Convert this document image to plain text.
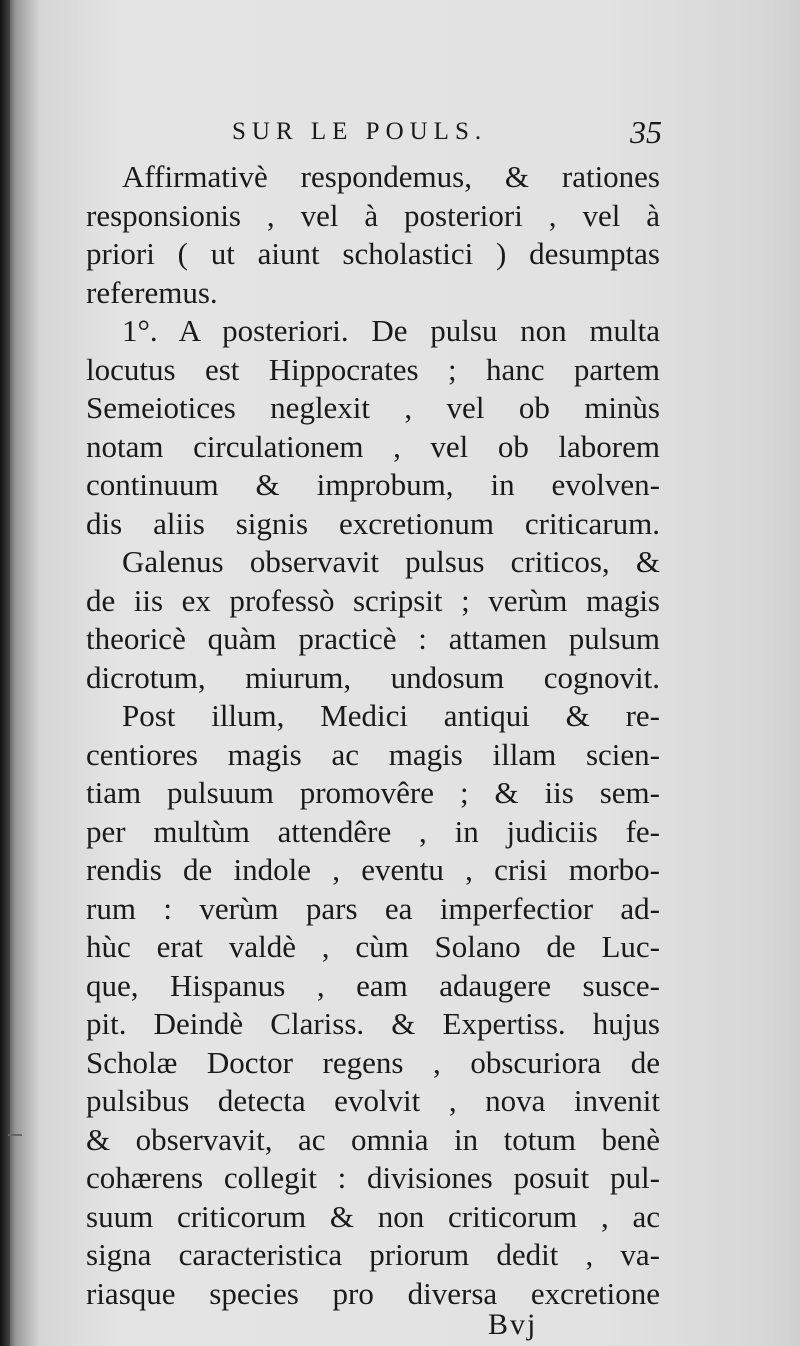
SUR LE POULS.	35
Affirmativè respondemus, & rationes
responsionis , vel à posteriori , vel à
priori ( ut aiunt scholastici ) desumptas
referemus.
1°. A posteriori. De pulsu non multa
locutus est Hippocrates ; hanc partem
Semeiotices neglexit , vel ob minùs
notam circulationem , vel ob laborem
continuum & improbum, in evolven-
dis aliis signis excretionum criticarum.
Galenus observavit pulsus criticos, &
de iis ex professò scripsit ; verùm magis
theoricè quàm practicè : attamen pulsum
dicrotum, miurum, undosum cognovit.
Post illum, Medici antiqui & re-
centiores magis ac magis illam scien-
tiam pulsuum promovêre ; & iis sem-
per multùm attendêre , in judiciis fe-
rendis de indole , eventu , crisi morbo-
rum : verùm pars ea imperfectior ad-
hùc erat valdè , cùm Solano de Luc-
que, Hispanus , eam adaugere susce-
pit. Deindè Clariss. & Expertiss. hujus
Scholæ Doctor regens , obscuriora de
pulsibus detecta evolvit , nova invenit
& observavit, ac omnia in totum benè
cohærens collegit : divisiones posuit pul-
suum criticorum & non criticorum , ac
signa caracteristica priorum dedit , va-
riasque species pro diversa excretione
Bvj
